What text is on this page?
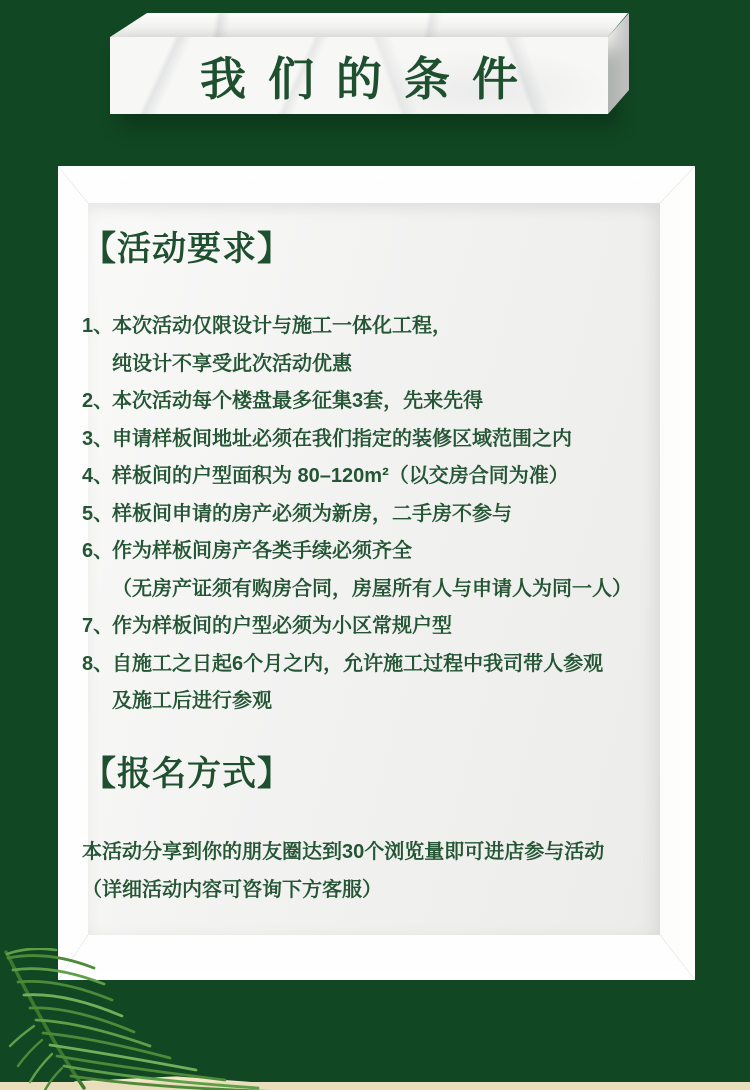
我们的条件
【活动要求】
1、本次活动仅限设计与施工一体化工程，
纯设计不享受此次活动优惠
2、本次活动每个楼盘最多征集3套，先来先得
3、申请样板间地址必须在我们指定的装修区域范围之内
4、样板间的户型面积为 80–120m²（以交房合同为准）
5、样板间申请的房产必须为新房，二手房不参与
6、作为样板间房产各类手续必须齐全
（无房产证须有购房合同，房屋所有人与申请人为同一人）
7、作为样板间的户型必须为小区常规户型
8、自施工之日起6个月之内，允许施工过程中我司带人参观
及施工后进行参观
【报名方式】
本活动分享到你的朋友圈达到30个浏览量即可进店参与活动
（详细活动内容可咨询下方客服）
